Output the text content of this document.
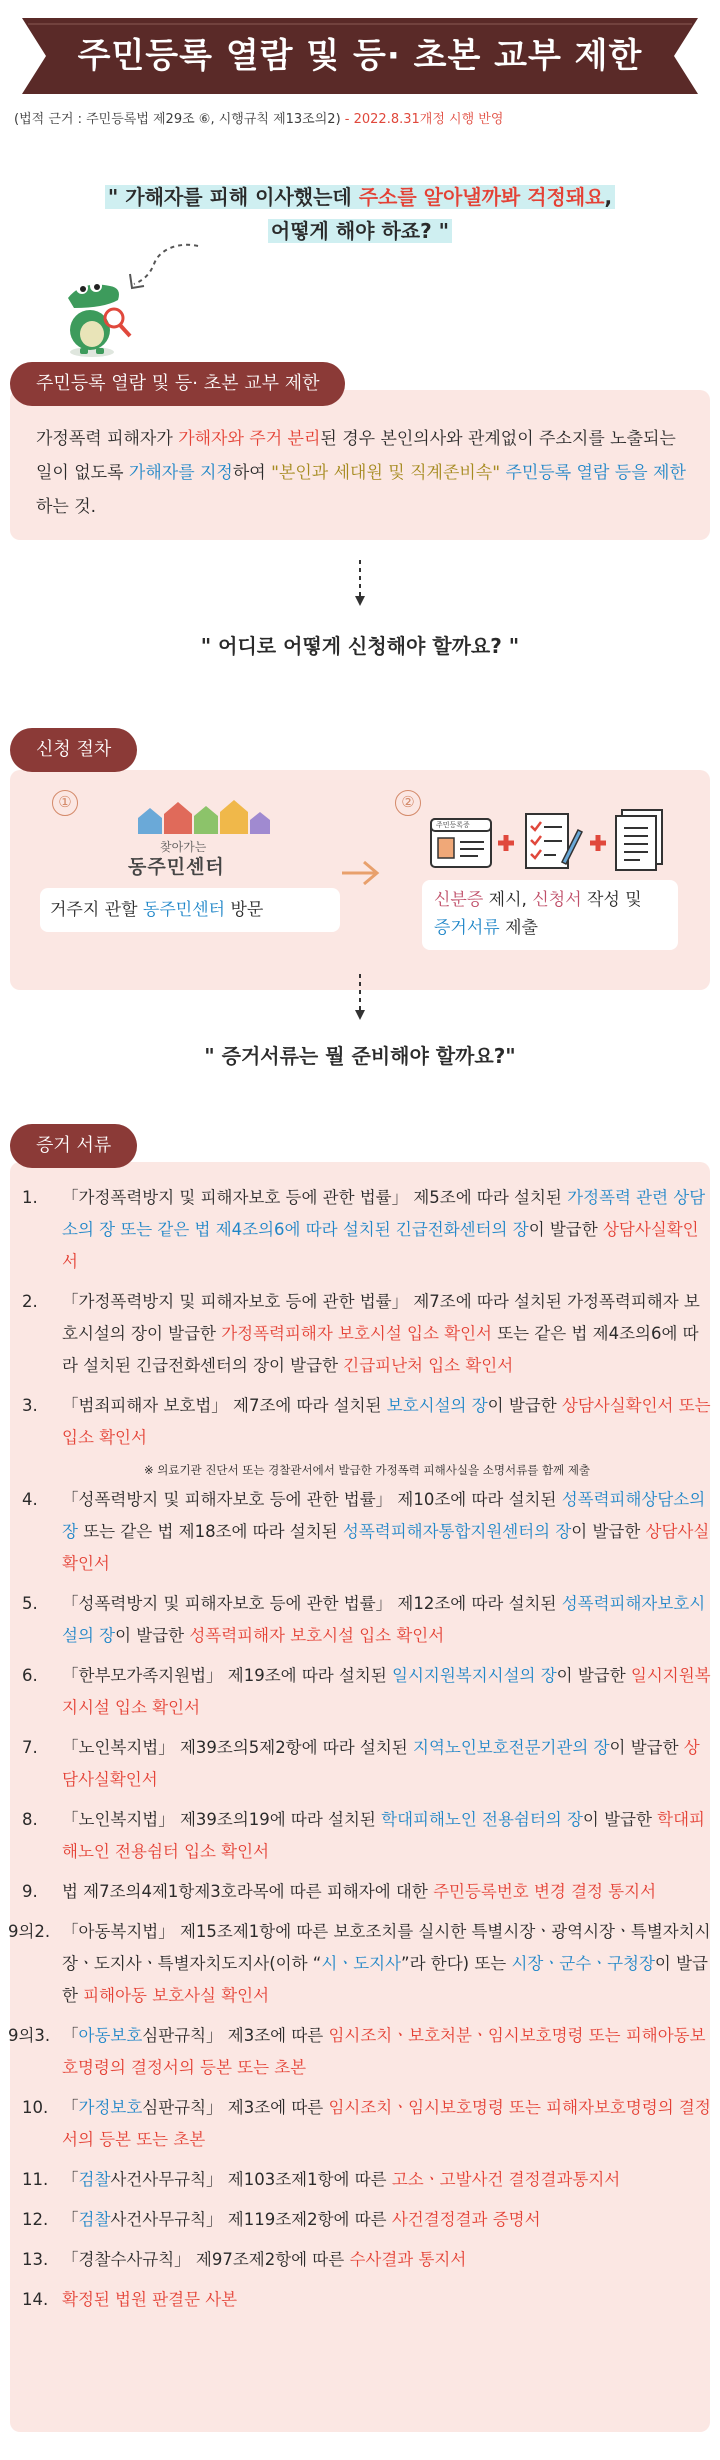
주민등록 열람 및 등· 초본 교부 제한
(법적 근거 : 주민등록법 제29조 ⑥, 시행규칙 제13조의2) - 2022.8.31개정 시행 반영
" 가해자를 피해 이사했는데 주소를 알아낼까봐 걱정돼요,
어떻게 해야 하죠? "
주민등록 열람 및 등· 초본 교부 제한
가정폭력 피해자가 가해자와 주거 분리된 경우 본인의사와 관계없이 주소지를 노출되는 일이 없도록 가해자를 지정하여 "본인과 세대원 및 직계존비속" 주민등록 열람 등을 제한하는 것.
" 어디로 어떻게 신청해야 할까요? "
신청 절차
①
찾아가는
동주민센터
거주지 관할 동주민센터 방문
②
주민등록증
신분증 제시, 신청서 작성 및
증거서류 제출
" 증거서류는 뭘 준비해야 할까요?"
증거 서류
1. 「가정폭력방지 및 피해자보호 등에 관한 법률」 제5조에 따라 설치된 가정폭력 관련 상담소의 장 또는 같은 법 제4조의6에 따라 설치된 긴급전화센터의 장이 발급한 상담사실확인서
2. 「가정폭력방지 및 피해자보호 등에 관한 법률」 제7조에 따라 설치된 가정폭력피해자 보호시설의 장이 발급한 가정폭력피해자 보호시설 입소 확인서 또는 같은 법 제4조의6에 따라 설치된 긴급전화센터의 장이 발급한 긴급피난처 입소 확인서
3. 「범죄피해자 보호법」 제7조에 따라 설치된 보호시설의 장이 발급한 상담사실확인서 또는 입소 확인서
※ 의료기관 진단서 또는 경찰관서에서 발급한 가정폭력 피해사실을 소명서류를 함께 제출
4. 「성폭력방지 및 피해자보호 등에 관한 법률」 제10조에 따라 설치된 성폭력피해상담소의 장 또는 같은 법 제18조에 따라 설치된 성폭력피해자통합지원센터의 장이 발급한 상담사실확인서
5. 「성폭력방지 및 피해자보호 등에 관한 법률」 제12조에 따라 설치된 성폭력피해자보호시설의 장이 발급한 성폭력피해자 보호시설 입소 확인서
6. 「한부모가족지원법」 제19조에 따라 설치된 일시지원복지시설의 장이 발급한 일시지원복지시설 입소 확인서
7. 「노인복지법」 제39조의5제2항에 따라 설치된 지역노인보호전문기관의 장이 발급한 상담사실확인서
8. 「노인복지법」 제39조의19에 따라 설치된 학대피해노인 전용쉼터의 장이 발급한 학대피해노인 전용쉼터 입소 확인서
9. 법 제7조의4제1항제3호라목에 따른 피해자에 대한 주민등록번호 변경 결정 통지서
9의2. 「아동복지법」 제15조제1항에 따른 보호조치를 실시한 특별시장ㆍ광역시장ㆍ특별자치시장ㆍ도지사ㆍ특별자치도지사(이하 “시ㆍ도지사”라 한다) 또는 시장ㆍ군수ㆍ구청장이 발급한 피해아동 보호사실 확인서
9의3. 「아동보호심판규칙」 제3조에 따른 임시조치ㆍ보호처분ㆍ임시보호명령 또는 피해아동보호명령의 결정서의 등본 또는 초본
10. 「가정보호심판규칙」 제3조에 따른 임시조치ㆍ임시보호명령 또는 피해자보호명령의 결정서의 등본 또는 초본
11. 「검찰사건사무규칙」 제103조제1항에 따른 고소ㆍ고발사건 결정결과통지서
12. 「검찰사건사무규칙」 제119조제2항에 따른 사건결정결과 증명서
13. 「경찰수사규칙」 제97조제2항에 따른 수사결과 통지서
14. 확정된 법원 판결문 사본
